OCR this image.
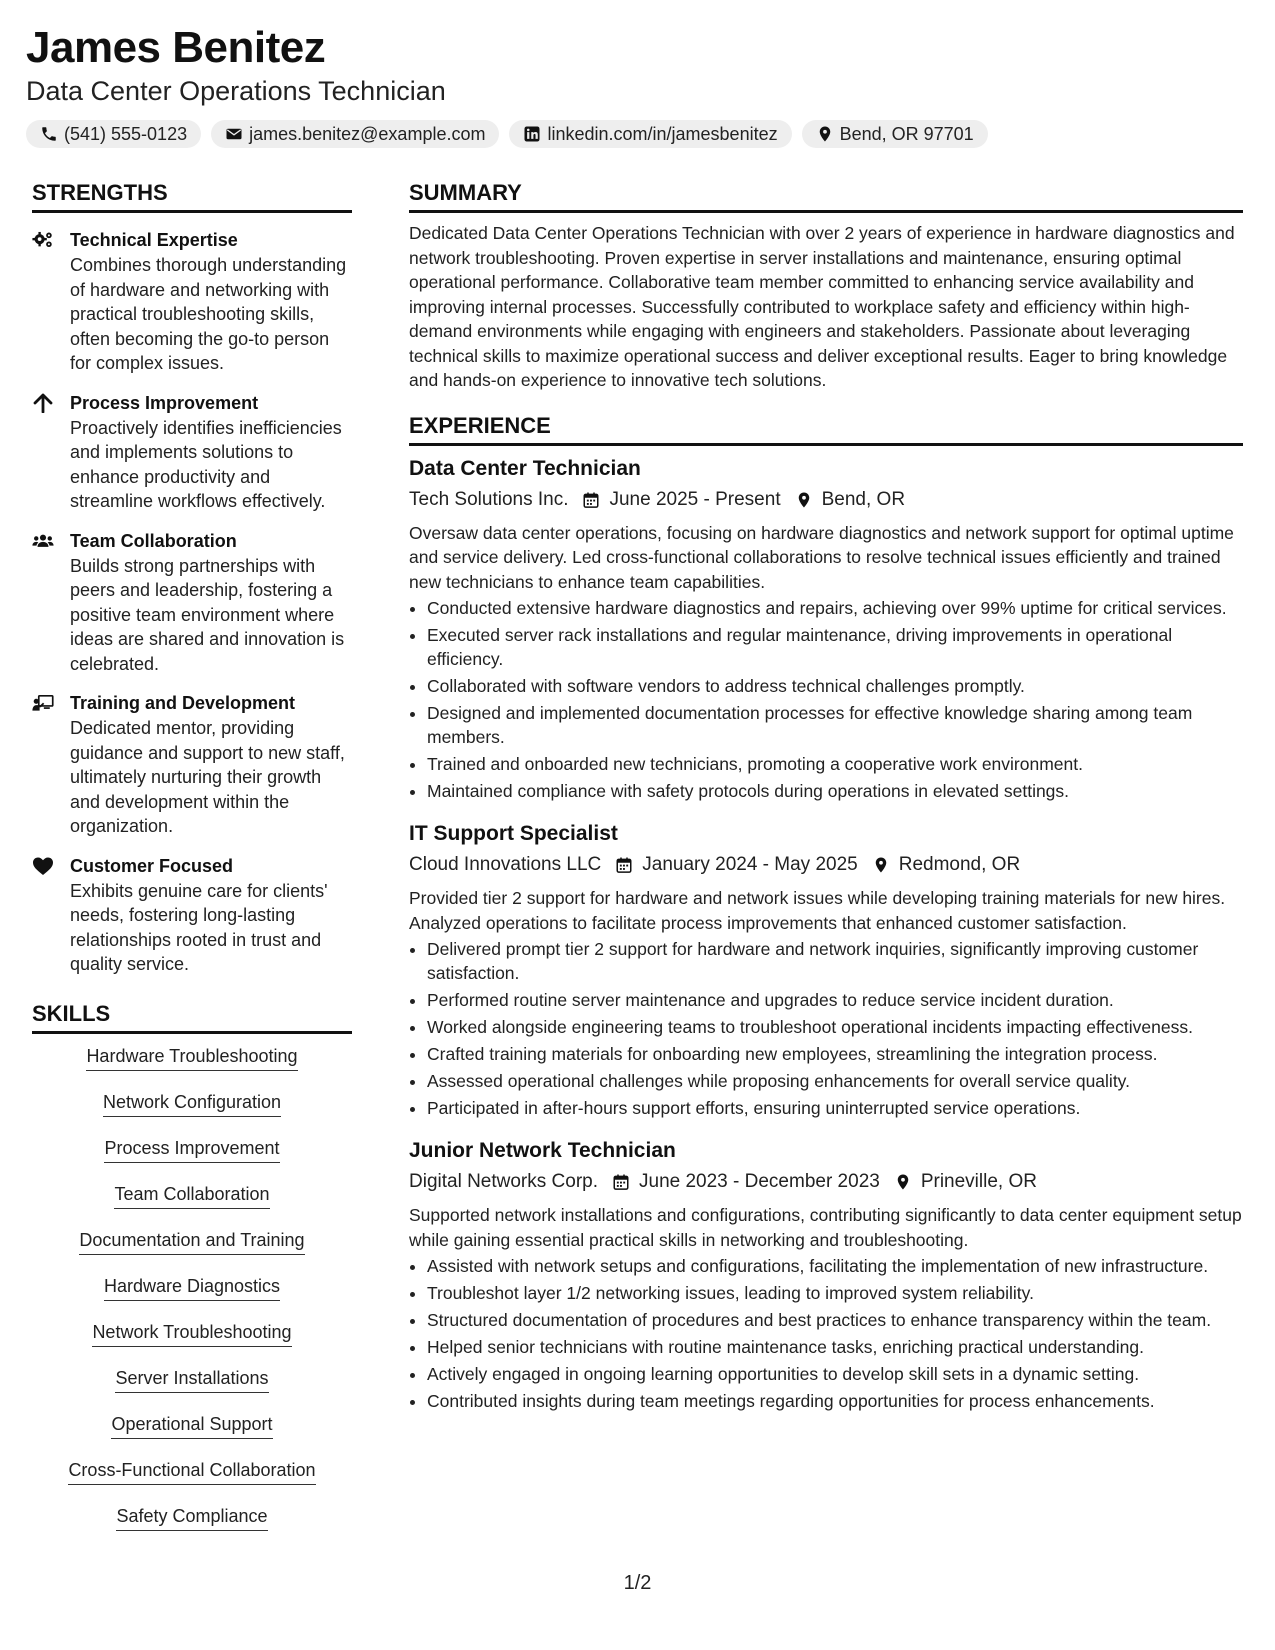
James Benitez
Data Center Operations Technician
(541) 555-0123	james.benitez@example.com	linkedin.com/in/jamesbenitez	Bend, OR 97701
STRENGTHS
Technical Expertise
Combines thorough understanding of hardware and networking with practical troubleshooting skills, often becoming the go-to person for complex issues.
Process Improvement
Proactively identifies inefficiencies and implements solutions to enhance productivity and streamline workflows effectively.
Team Collaboration
Builds strong partnerships with peers and leadership, fostering a positive team environment where ideas are shared and innovation is celebrated.
Training and Development
Dedicated mentor, providing guidance and support to new staff, ultimately nurturing their growth and development within the organization.
Customer Focused
Exhibits genuine care for clients' needs, fostering long-lasting relationships rooted in trust and quality service.
SKILLS
Hardware Troubleshooting
Network Configuration
Process Improvement
Team Collaboration
Documentation and Training
Hardware Diagnostics
Network Troubleshooting
Server Installations
Operational Support
Cross-Functional Collaboration
Safety Compliance
SUMMARY
Dedicated Data Center Operations Technician with over 2 years of experience in hardware diagnostics and network troubleshooting. Proven expertise in server installations and maintenance, ensuring optimal operational performance. Collaborative team member committed to enhancing service availability and improving internal processes. Successfully contributed to workplace safety and efficiency within high-demand environments while engaging with engineers and stakeholders. Passionate about leveraging technical skills to maximize operational success and deliver exceptional results. Eager to bring knowledge and hands-on experience to innovative tech solutions.
EXPERIENCE
Data Center Technician
Tech Solutions Inc. June 2025 - Present Bend, OR
Oversaw data center operations, focusing on hardware diagnostics and network support for optimal uptime and service delivery. Led cross-functional collaborations to resolve technical issues efficiently and trained new technicians to enhance team capabilities.
• Conducted extensive hardware diagnostics and repairs, achieving over 99% uptime for critical services.
• Executed server rack installations and regular maintenance, driving improvements in operational efficiency.
• Collaborated with software vendors to address technical challenges promptly.
• Designed and implemented documentation processes for effective knowledge sharing among team members.
• Trained and onboarded new technicians, promoting a cooperative work environment.
• Maintained compliance with safety protocols during operations in elevated settings.
IT Support Specialist
Cloud Innovations LLC January 2024 - May 2025 Redmond, OR
Provided tier 2 support for hardware and network issues while developing training materials for new hires. Analyzed operations to facilitate process improvements that enhanced customer satisfaction.
• Delivered prompt tier 2 support for hardware and network inquiries, significantly improving customer satisfaction.
• Performed routine server maintenance and upgrades to reduce service incident duration.
• Worked alongside engineering teams to troubleshoot operational incidents impacting effectiveness.
• Crafted training materials for onboarding new employees, streamlining the integration process.
• Assessed operational challenges while proposing enhancements for overall service quality.
• Participated in after-hours support efforts, ensuring uninterrupted service operations.
Junior Network Technician
Digital Networks Corp. June 2023 - December 2023 Prineville, OR
Supported network installations and configurations, contributing significantly to data center equipment setup while gaining essential practical skills in networking and troubleshooting.
• Assisted with network setups and configurations, facilitating the implementation of new infrastructure.
• Troubleshot layer 1/2 networking issues, leading to improved system reliability.
• Structured documentation of procedures and best practices to enhance transparency within the team.
• Helped senior technicians with routine maintenance tasks, enriching practical understanding.
• Actively engaged in ongoing learning opportunities to develop skill sets in a dynamic setting.
• Contributed insights during team meetings regarding opportunities for process enhancements.
1/2
